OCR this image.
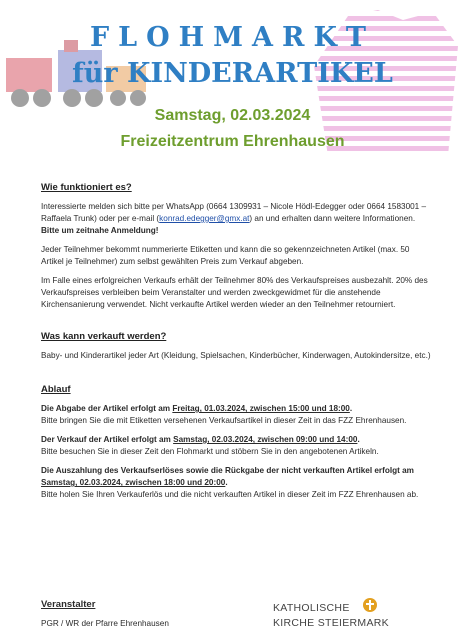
FLOHMARKT
für KINDERARTIKEL
Samstag, 02.03.2024
Freizeitzentrum Ehrenhausen
Wie funktioniert es?

Interessierte melden sich bitte per WhatsApp (0664 1309931 – Nicole Hödl-Edegger oder 0664 1583001 – Raffaela Trunk) oder per e-mail (konrad.edegger@gmx.at) an und erhalten dann weitere Informationen. Bitte um zeitnahe Anmeldung!

Jeder Teilnehmer bekommt nummerierte Etiketten und kann die so gekennzeichneten Artikel (max. 50 Artikel je Teilnehmer) zum selbst gewählten Preis zum Verkauf abgeben.

Im Falle eines erfolgreichen Verkaufs erhält der Teilnehmer 80% des Verkaufspreises ausbezahlt. 20% des Verkaufspreises verbleiben beim Veranstalter und werden zweckgewidmet für die anstehende Kirchensanierung verwendet. Nicht verkaufte Artikel werden wieder an den Teilnehmer retourniert.

Was kann verkauft werden?

Baby- und Kinderartikel jeder Art (Kleidung, Spielsachen, Kinderbücher, Kinderwagen, Autokindersitze, etc.)

Ablauf

Die Abgabe der Artikel erfolgt am Freitag, 01.03.2024, zwischen 15:00 und 18:00.
Bitte bringen Sie die mit Etiketten versehenen Verkaufsartikel in dieser Zeit in das FZZ Ehrenhausen.

Der Verkauf der Artikel erfolgt am Samstag, 02.03.2024, zwischen 09:00 und 14:00.
Bitte besuchen Sie in dieser Zeit den Flohmarkt und stöbern Sie in den angebotenen Artikeln.

Die Auszahlung des Verkaufserlöses sowie die Rückgabe der nicht verkauften Artikel erfolgt am Samstag, 02.03.2024, zwischen 18:00 und 20:00.
Bitte holen Sie Ihren Verkauferlös und die nicht verkauften Artikel in dieser Zeit im FZZ Ehrenhausen ab.

Veranstalter
PGR / WR der Pfarre Ehrenhausen
KATHOLISCHE
KIRCHE STEIERMARK
